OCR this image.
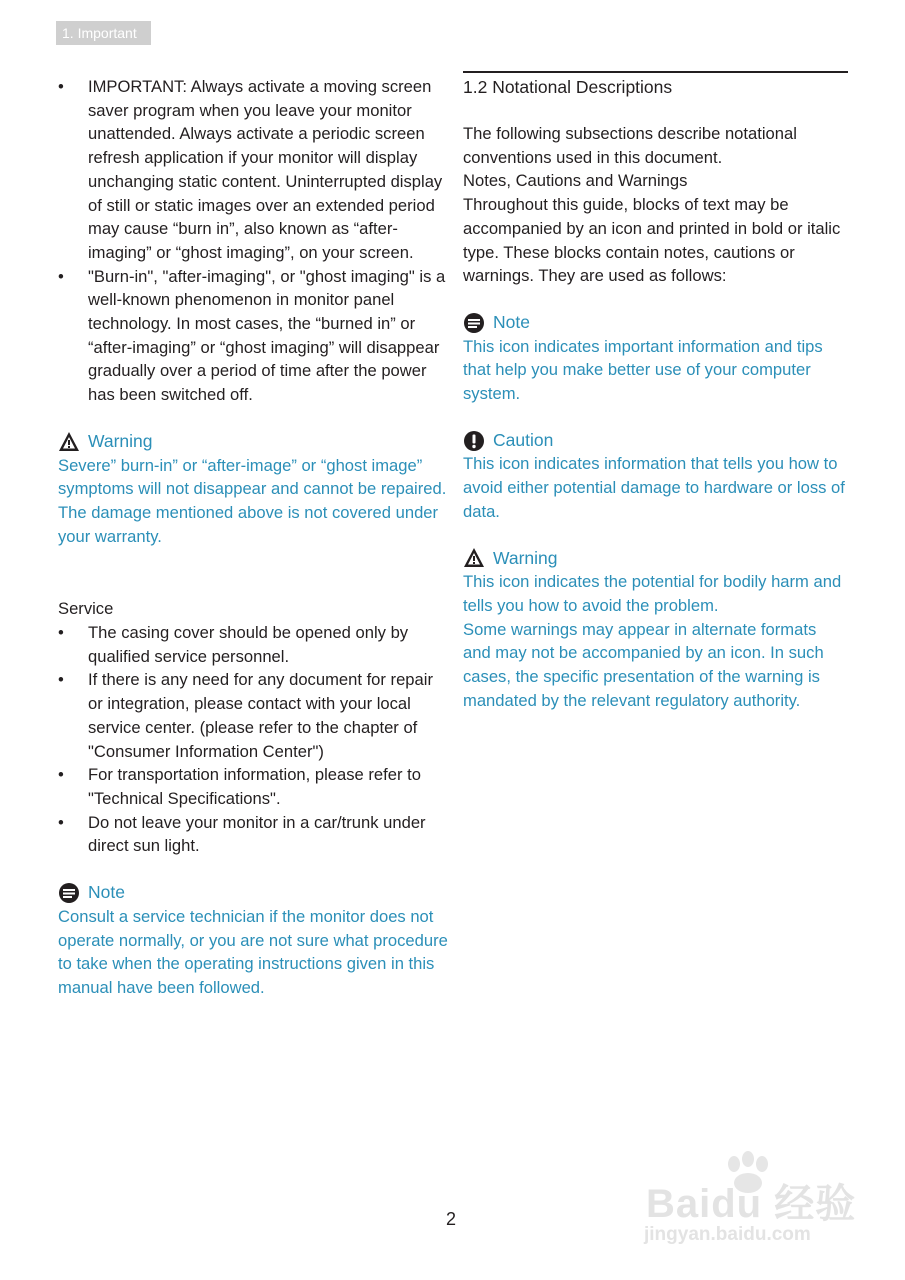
1. Important
• IMPORTANT: Always activate a moving screen saver program when you leave your monitor unattended. Always activate a periodic screen refresh application if your monitor will display unchanging static content. Uninterrupted display of still or static images over an extended period may cause “burn in”, also known as “after-imaging” or “ghost imaging”, on your screen.
• "Burn-in", "after-imaging", or "ghost imaging" is a well-known phenomenon in monitor panel technology. In most cases, the “burned in” or “after-imaging” or “ghost imaging” will disappear gradually over a period of time after the power has been switched off.
Warning
Severe” burn-in” or “after-image” or “ghost image” symptoms will not disappear and cannot be repaired. The damage mentioned above is not covered under your warranty.
Service
• The casing cover should be opened only by qualified service personnel.
• If there is any need for any document for repair or integration, please contact with your local service center. (please refer to the chapter of "Consumer Information Center")
• For transportation information, please refer to "Technical Specifications".
• Do not leave your monitor in a car/trunk under direct sun light.
Note
Consult a service technician if the monitor does not operate normally, or you are not sure what procedure to take when the operating instructions given in this manual have been followed.
1.2 Notational Descriptions
The following subsections describe notational conventions used in this document.
Notes, Cautions and Warnings
Throughout this guide, blocks of text may be accompanied by an icon and printed in bold or italic type. These blocks contain notes, cautions or warnings. They are used as follows:
Note
This icon indicates important information and tips that help you make better use of your computer system.
Caution
This icon indicates information that tells you how to avoid either potential damage to hardware or loss of data.
Warning
This icon indicates the potential for bodily harm and tells you how to avoid the problem.
Some warnings may appear in alternate formats and may not be accompanied by an icon. In such cases, the specific presentation of the warning is mandated by the relevant regulatory authority.
2	Baidu 经验
jingyan.baidu.com
